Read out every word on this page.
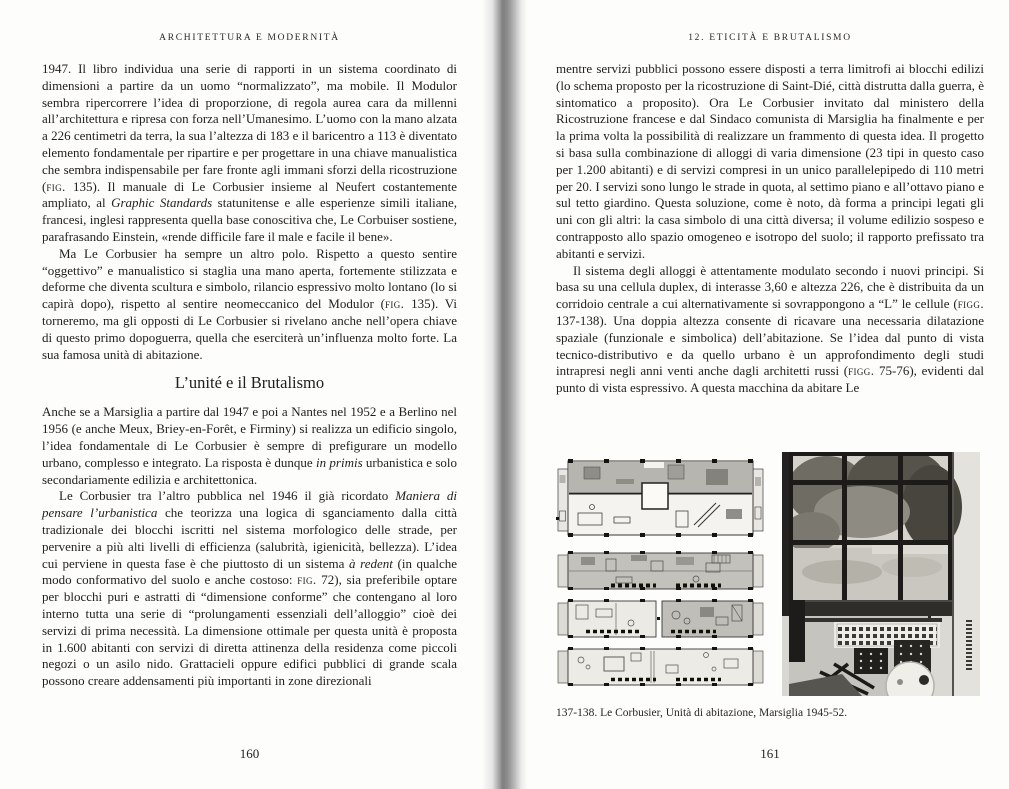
ARCHITETTURA E MODERNITÀ

1947. Il libro individua una serie di rapporti in un sistema coordinato di dimensioni a partire da un uomo “normalizzato”, ma mobile. Il Modulor sembra ripercorrere l’idea di proporzione, di regola aurea cara da millenni all’architettura e ripresa con forza nell’Umanesimo. L’uomo con la mano alzata a 226 centimetri da terra, la sua l’altezza di 183 e il baricentro a 113 è diventato elemento fondamentale per ripartire e per progettare in una chiave manualistica che sembra indispensabile per fare fronte agli immani sforzi della ricostruzione (fig. 135). Il manuale di Le Corbusier insieme al Neufert costantemente ampliato, al Graphic Standards statunitense e alle esperienze simili italiane, francesi, inglesi rappresenta quella base conoscitiva che, Le Corbuiser sostiene, parafrasando Einstein, «rende difficile fare il male e facile il bene».

Ma Le Corbusier ha sempre un altro polo. Rispetto a questo sentire “oggettivo” e manualistico si staglia una mano aperta, fortemente stilizzata e deforme che diventa scultura e simbolo, rilancio espressivo molto lontano (lo si capirà dopo), rispetto al sentire neomeccanico del Modulor (fig. 135). Vi torneremo, ma gli opposti di Le Corbusier si rivelano anche nell’opera chiave di questo primo dopoguerra, quella che eserciterà un’influenza molto forte. La sua famosa unità di abitazione.

L’unité e il Brutalismo

Anche se a Marsiglia a partire dal 1947 e poi a Nantes nel 1952 e a Berlino nel 1956 (e anche Meux, Briey-en-Forêt, e Firminy) si realizza un edificio singolo, l’idea fondamentale di Le Corbusier è sempre di prefigurare un modello urbano, complesso e integrato. La risposta è dunque in primis urbanistica e solo secondariamente edilizia e architettonica.

Le Corbusier tra l’altro pubblica nel 1946 il già ricordato Maniera di pensare l’urbanistica che teorizza una logica di sganciamento dalla città tradizionale dei blocchi iscritti nel sistema morfologico delle strade, per pervenire a più alti livelli di efficienza (salubrità, igienicità, bellezza). L’idea cui perviene in questa fase è che piuttosto di un sistema à redent (in qualche modo conformativo del suolo e anche costoso: fig. 72), sia preferibile optare per blocchi puri e astratti di “dimensione conforme” che contengano al loro interno tutta una serie di “prolungamenti essenziali dell’alloggio” cioè dei servizi di prima necessità. La dimensione ottimale per questa unità è proposta in 1.600 abitanti con servizi di diretta attinenza della residenza come piccoli negozi o un asilo nido. Grattacieli oppure edifici pubblici di grande scala possono creare addensamenti più importanti in zone direzionali

160
12. ETICITÀ E BRUTALISMO

mentre servizi pubblici possono essere disposti a terra limitrofi ai blocchi edilizi (lo schema proposto per la ricostruzione di Saint-Dié, città distrutta dalla guerra, è sintomatico a proposito). Ora Le Corbusier invitato dal ministero della Ricostruzione francese e dal Sindaco comunista di Marsiglia ha finalmente e per la prima volta la possibilità di realizzare un frammento di questa idea. Il progetto si basa sulla combinazione di alloggi di varia dimensione (23 tipi in questo caso per 1.200 abitanti) e di servizi compresi in un unico parallelepipedo di 110 metri per 20. I servizi sono lungo le strade in quota, al settimo piano e all’ottavo piano e sul tetto giardino. Questa soluzione, come è noto, dà forma a principi legati gli uni con gli altri: la casa simbolo di una città diversa; il volume edilizio sospeso e contrapposto allo spazio omogeneo e isotropo del suolo; il rapporto prefissato tra abitanti e servizi.

Il sistema degli alloggi è attentamente modulato secondo i nuovi principi. Si basa su una cellula duplex, di interasse 3,60 e altezza 226, che è distribuita da un corridoio centrale a cui alternativamente si sovrappongono a “L” le cellule (figg. 137-138). Una doppia altezza consente di ricavare una necessaria dilatazione spaziale (funzionale e simbolica) dell’abitazione. Se l’idea dal punto di vista tecnico-distributivo e da quello urbano è un approfondimento degli studi intrapresi negli anni venti anche dagli architetti russi (figg. 75-76), evidenti dal punto di vista espressivo. A questa macchina da abitare Le

137-138. Le Corbusier, Unità di abitazione, Marsiglia 1945-52.
161
